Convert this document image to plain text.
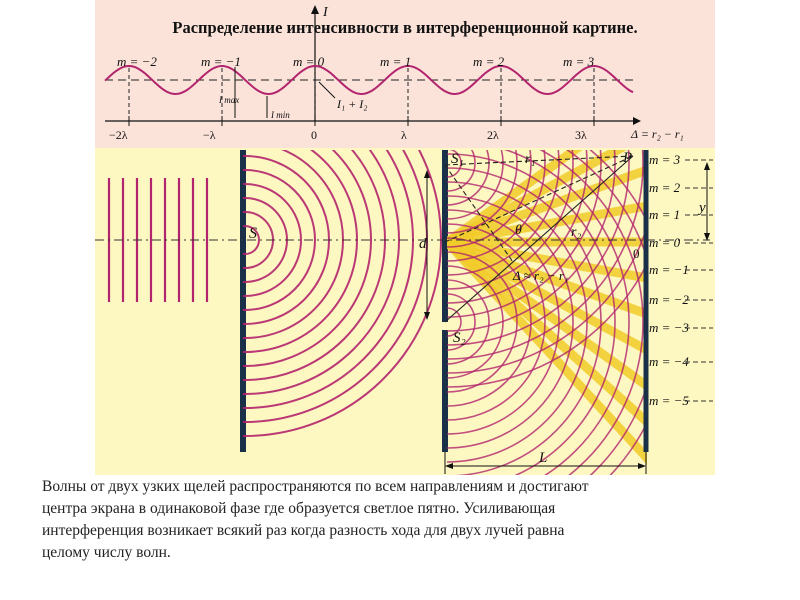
I
Δ = r₂ − r₁
m = −2	m = −1	m = 0	m = 1	m = 2	m = 3
I max
I min
I₁ + I₂
−2λ	−λ	0	λ	2λ	3λ
S
S₁
S₂
d
r₁
r₂
θ
Δ ≈ r₂ − r₁
P
0
y
L
m = 3
m = 2
m = 1
m = 0
m = −1
m = −2
m = −3
m = −4
m = −5
Распределение интенсивности в интерференционной картине.
Волны от двух узких щелей распространяются по всем направлениям и достигают
центра экрана в одинаковой фазе где образуется светлое пятно. Усиливающая
интерференция возникает всякий раз когда разность хода для двух лучей равна
целому числу волн.
